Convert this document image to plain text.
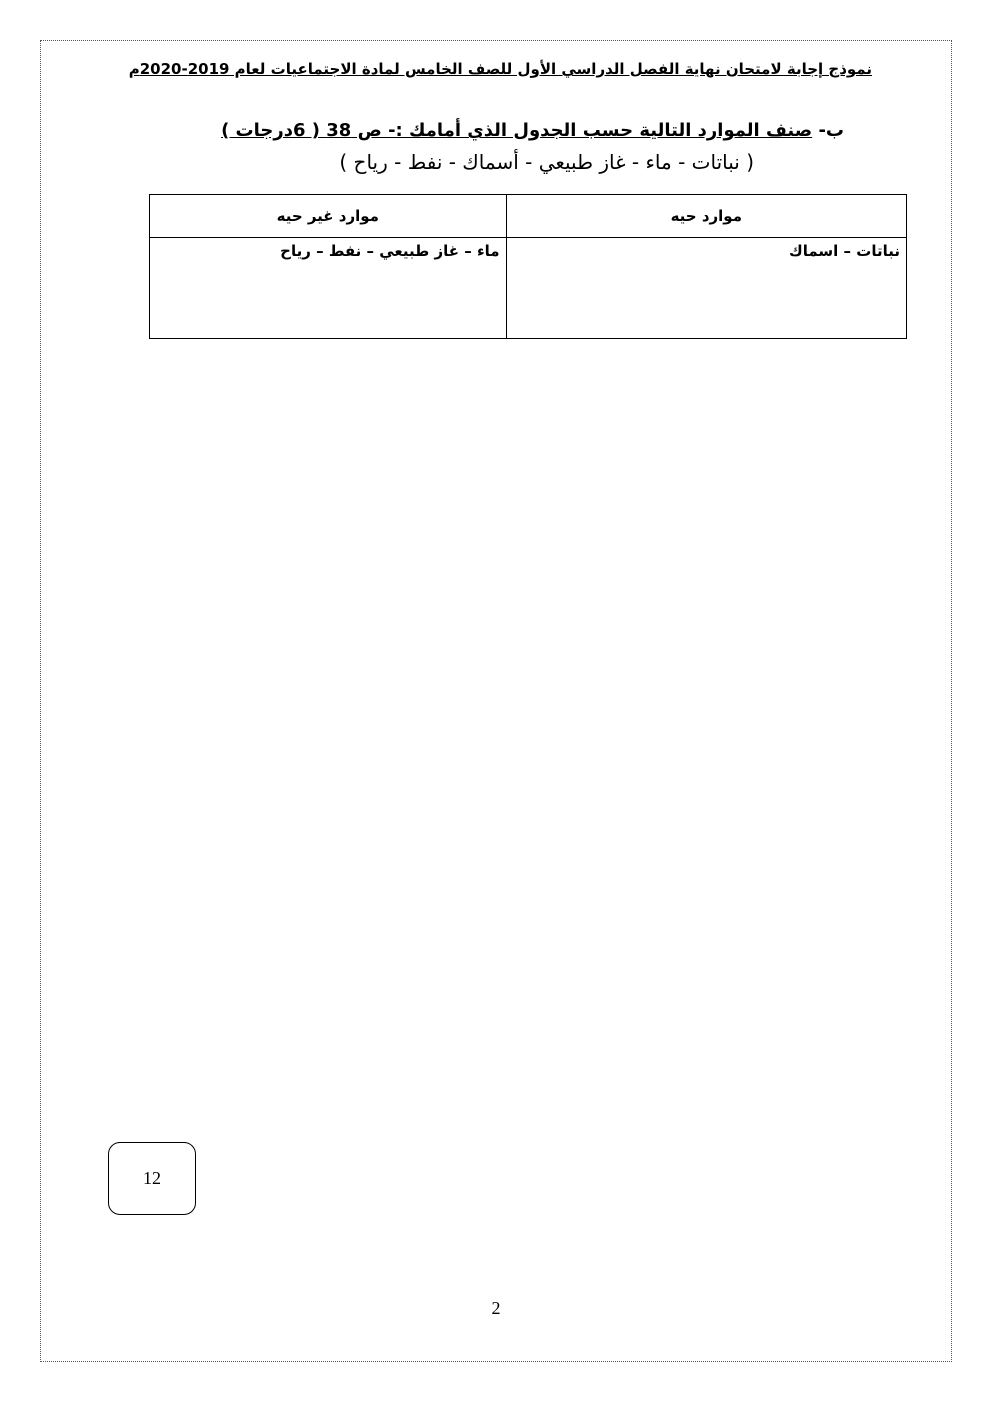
نموذج إجابة لامتحان نهاية الفصل الدراسي الأول للصف الخامس لمادة الاجتماعيات لعام 2019-2020م
ب- صنف الموارد التالية حسب الجدول الذي أمامك :- ص 38 ( 6درجات )
( نباتات - ماء - غاز طبيعي - أسماك - نفط - رياح )
موارد حيه	موارد غير حيه
نباتات – اسماك	ماء – غاز طبيعي – نفط – رياح
12
2
